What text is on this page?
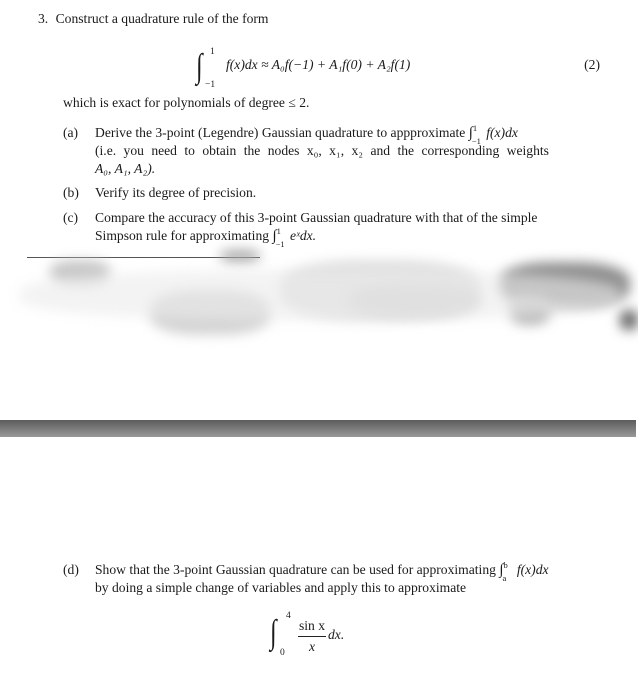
3. Construct a quadrature rule of the form
∫ 1
−1
f(x)dx ≈ A₀f(−1) + A₁f(0) + A₂f(1)	(2)
which is exact for polynomials of degree ≤ 2.
(a) Derive the 3-point (Legendre) Gaussian quadrature to appproximate ∫ 1
−1
f(x)dx
(i.e. you need to obtain the nodes x₀, x₁, x₂ and the corresponding weights
A₀, A₁, A₂).
(b) Verify its degree of precision.
(c) Compare the accuracy of this 3-point Gaussian quadrature with that of the simple
Simpson rule for approximating ∫ 1
−1
eˣdx.
(d) Show that the 3-point Gaussian quadrature can be used for approximating ∫ b
a
f(x)dx
by doing a simple change of variables and apply this to approximate
∫ 4
$0 \frac{\text{sin x}}{x}$ dx.
